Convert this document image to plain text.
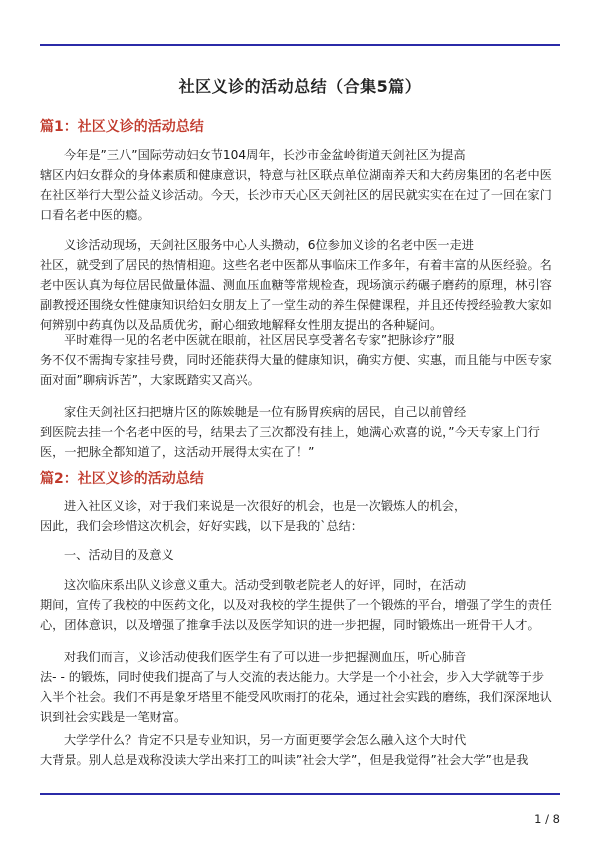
社区义诊的活动总结（合集5篇）
篇1：社区义诊的活动总结
今年是”三八”国际劳动妇女节104周年，长沙市金盆岭街道天剑社区为提高
辖区内妇女群众的身体素质和健康意识，特意与社区联点单位湖南养天和大药房集团的名老中医
在社区举行大型公益义诊活动。今天，长沙市天心区天剑社区的居民就实实在在过了一回在家门
口看名老中医的瘾。
义诊活动现场，天剑社区服务中心人头攒动，6位参加义诊的名老中医一走进
社区，就受到了居民的热情相迎。这些名老中医都从事临床工作多年，有着丰富的从医经验。名
老中医认真为每位居民做量体温、测血压血糖等常规检查，现场演示药碾子磨药的原理，林引容
副教授还围绕女性健康知识给妇女朋友上了一堂生动的养生保健课程，并且还传授经验教大家如
何辨别中药真伪以及品质优劣，耐心细致地解释女性朋友提出的各种疑问。
平时难得一见的名老中医就在眼前，社区居民享受著名专家”把脉诊疗”服
务不仅不需掏专家挂号费，同时还能获得大量的健康知识，确实方便、实惠，而且能与中医专家
面对面”聊病诉苦”，大家既踏实又高兴。
家住天剑社区扫把塘片区的陈娭毑是一位有肠胃疾病的居民，自己以前曾经
到医院去挂一个名老中医的号，结果去了三次都没有挂上，她满心欢喜的说，”今天专家上门行
医，一把脉全都知道了，这活动开展得太实在了！”
篇2：社区义诊的活动总结
进入社区义诊，对于我们来说是一次很好的机会，也是一次锻炼人的机会，
因此，我们会珍惜这次机会，好好实践，以下是我的`总结：
一、活动目的及意义
这次临床系出队义诊意义重大。活动受到敬老院老人的好评，同时，在活动
期间，宣传了我校的中医药文化，以及对我校的学生提供了一个锻炼的平台，增强了学生的责任
心，团体意识，以及增强了推拿手法以及医学知识的进一步把握，同时锻炼出一班骨干人才。
对我们而言，义诊活动使我们医学生有了可以进一步把握测血压，听心肺音
法- - 的锻炼，同时使我们提高了与人交流的表达能力。大学是一个小社会，步入大学就等于步
入半个社会。我们不再是象牙塔里不能受风吹雨打的花朵，通过社会实践的磨练，我们深深地认
识到社会实践是一笔财富。
大学学什么？肯定不只是专业知识，另一方面更要学会怎么融入这个大时代
大背景。别人总是戏称没读大学出来打工的叫读”社会大学”，但是我觉得”社会大学”也是我
1 / 8
